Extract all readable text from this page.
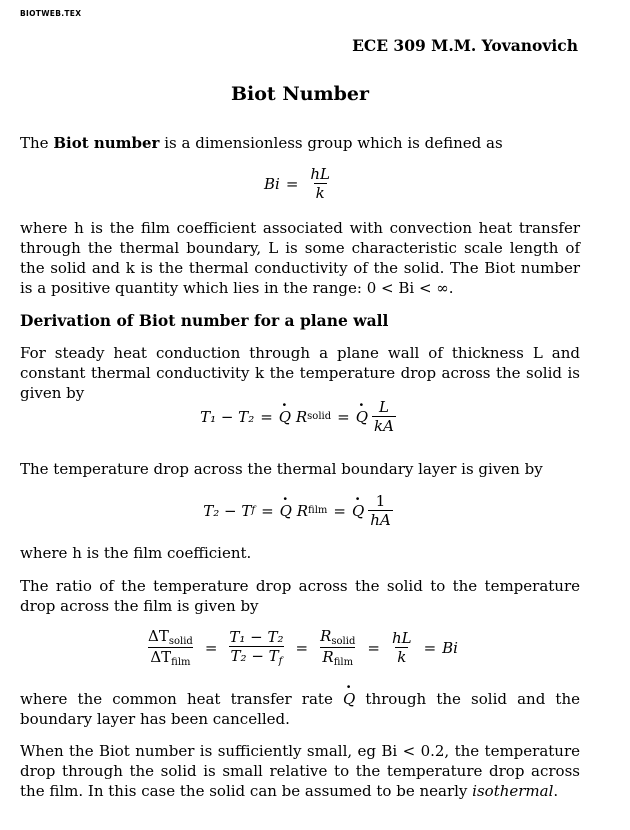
BIOTWEB.TEX
ECE 309 M.M. Yovanovich
Biot Number
The Biot number is a dimensionless group which is defined as
$Bi = \frac{hL}{k}$
where h is the film coefficient associated with convection heat transfer through the thermal boundary, L is some characteristic scale length of the solid and k is the thermal conductivity of the solid. The Biot number is a positive quantity which lies in the range: 0 < Bi < ∞.
Derivation of Biot number for a plane wall
For steady heat conduction through a plane wall of thickness L and constant thermal conductivity k the temperature drop across the solid is given by
T₁ − T₂ = · Q
R solid = · Q $\frac{L}{kA}$
The temperature drop across the thermal boundary layer is given by
T₂ − T f = · Q
R film = · Q $\frac{1}{hA}$
where h is the film coefficient.
The ratio of the temperature drop across the solid to the temperature drop across the film is given by
$\frac{\Delta T_{solid}}{\Delta T_{film}} = \frac{\text{T₁ − T₂}}{T_2 - T_f} = \frac{R_{solid}}{R_{film}} = \frac{hL}{k} = Bi$
where the common heat transfer rate · Q through the solid and the boundary layer has been cancelled.
When the Biot number is sufficiently small, eg Bi < 0.2, the temperature drop through the solid is small relative to the temperature drop across the film. In this case the solid can be assumed to be nearly isothermal.
